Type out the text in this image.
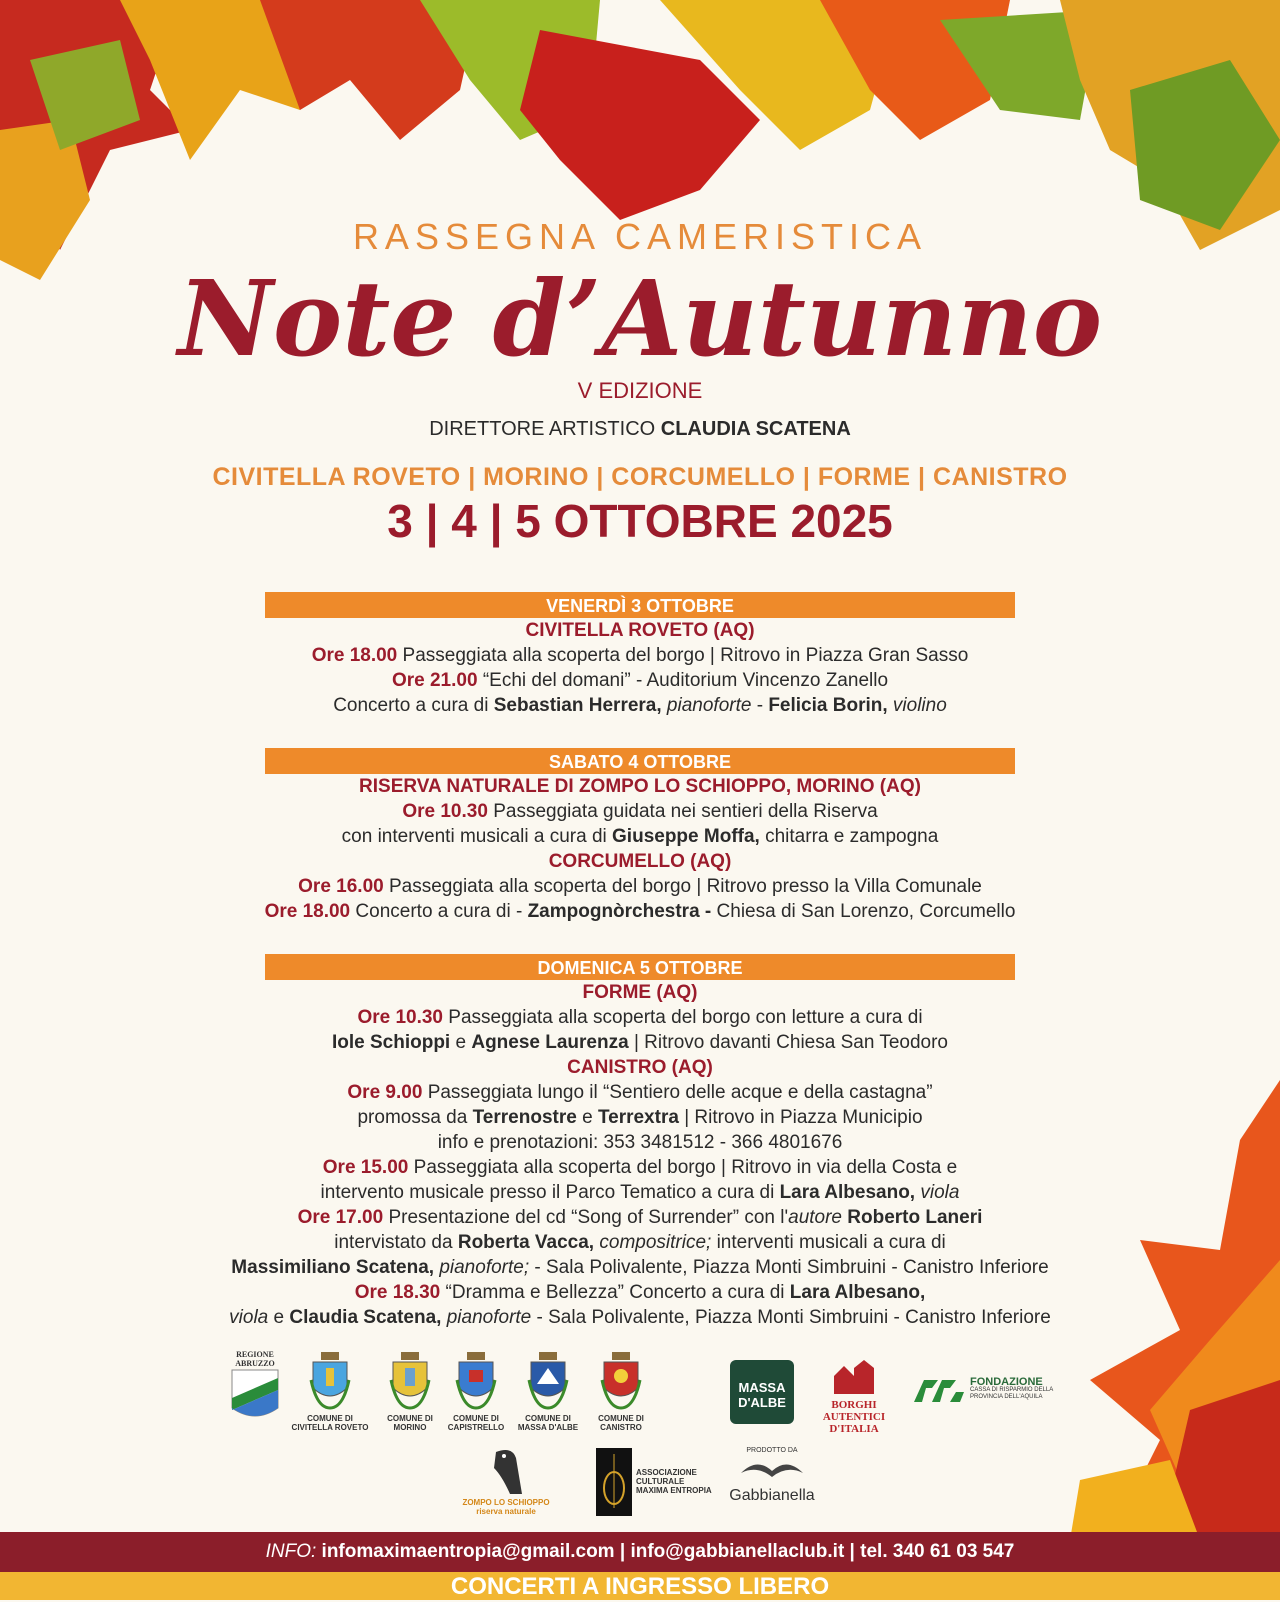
RASSEGNA CAMERISTICA
Note d’Autunno
V EDIZIONE
DIRETTORE ARTISTICO CLAUDIA SCATENA
CIVITELLA ROVETO | MORINO | CORCUMELLO | FORME | CANISTRO
3 | 4 | 5 OTTOBRE 2025
VENERDÌ 3 OTTOBRE
CIVITELLA ROVETO (AQ)
Ore 18.00 Passeggiata alla scoperta del borgo | Ritrovo in Piazza Gran Sasso
Ore 21.00 “Echi del domani” - Auditorium Vincenzo Zanello
Concerto a cura di Sebastian Herrera, pianoforte - Felicia Borin, violino
SABATO 4 OTTOBRE
RISERVA NATURALE DI ZOMPO LO SCHIOPPO, MORINO (AQ)
Ore 10.30 Passeggiata guidata nei sentieri della Riserva
con interventi musicali a cura di Giuseppe Moffa, chitarra e zampogna
CORCUMELLO (AQ)
Ore 16.00 Passeggiata alla scoperta del borgo | Ritrovo presso la Villa Comunale
Ore 18.00 Concerto a cura di - Zampognòrchestra - Chiesa di San Lorenzo, Corcumello
DOMENICA 5 OTTOBRE
FORME (AQ)
Ore 10.30 Passeggiata alla scoperta del borgo con letture a cura di
Iole Schioppi e Agnese Laurenza | Ritrovo davanti Chiesa San Teodoro
CANISTRO (AQ)
Ore 9.00 Passeggiata lungo il “Sentiero delle acque e della castagna”
promossa da Terrenostre e Terrextra | Ritrovo in Piazza Municipio
info e prenotazioni: 353 3481512 - 366 4801676
Ore 15.00 Passeggiata alla scoperta del borgo | Ritrovo in via della Costa e
intervento musicale presso il Parco Tematico a cura di Lara Albesano, viola
Ore 17.00 Presentazione del cd “Song of Surrender” con l'autore Roberto Laneri
intervistato da Roberta Vacca, compositrice; interventi musicali a cura di
Massimiliano Scatena, pianoforte; - Sala Polivalente, Piazza Monti Simbruini - Canistro Inferiore
Ore 18.30 “Dramma e Bellezza” Concerto a cura di Lara Albesano,
viola e Claudia Scatena, pianoforte - Sala Polivalente, Piazza Monti Simbruini - Canistro Inferiore
REGIONE ABRUZZO
COMUNE DI CIVITELLA ROVETO
COMUNE DI MORINO
COMUNE DI CAPISTRELLO
COMUNE DI MASSA D'ALBE
COMUNE DI CANISTRO
MASSA D'ALBE	BORGHI AUTENTICI D'ITALIA
FONDAZIONE
CASSA DI RISPARMIO DELLA PROVINCIA DELL'AQUILA
ZOMPO LO SCHIOPPO riserva naturale
ASSOCIAZIONE CULTURALE MAXIMA ENTROPIA
PRODOTTO DA
Gabbianella
INFO: infomaximaentropia@gmail.com | info@gabbianellaclub.it | tel. 340 61 03 547
CONCERTI A INGRESSO LIBERO
